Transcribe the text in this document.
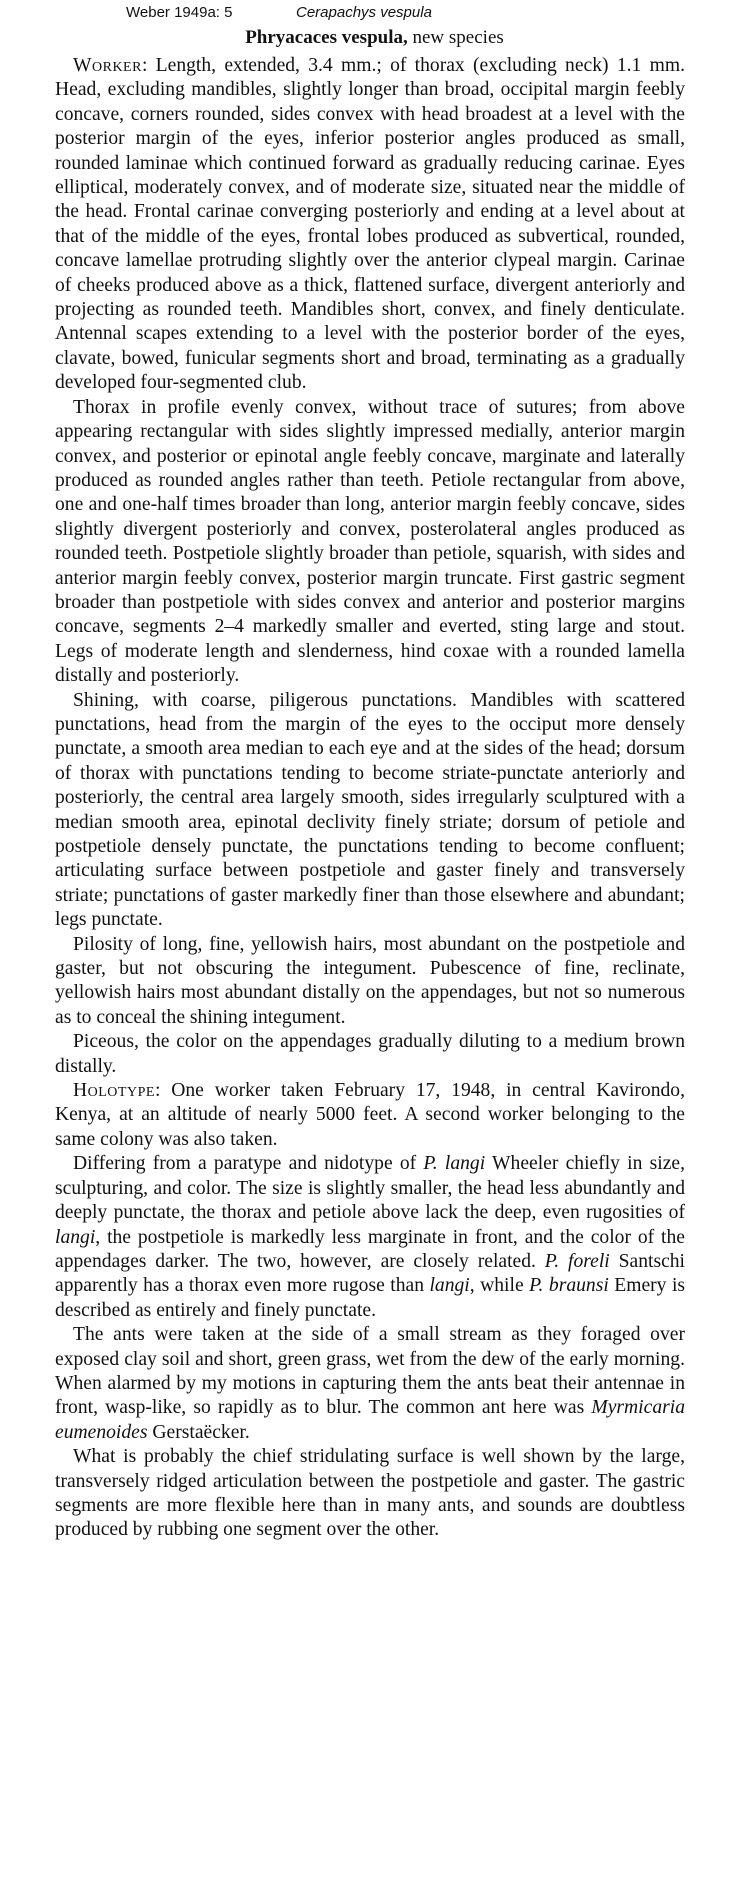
Weber 1949a: 5	Cerapachys vespula
Phryacaces vespula, new species

Worker: Length, extended, 3.4 mm.; of thorax (excluding neck) 1.1 mm. Head, excluding mandibles, slightly longer than broad, occipital margin feebly concave, corners rounded, sides convex with head broadest at a level with the posterior margin of the eyes, inferior posterior angles produced as small, rounded laminae which continued forward as gradually reducing carinae. Eyes elliptical, moderately convex, and of moderate size, situated near the middle of the head. Frontal carinae converging posteriorly and ending at a level about at that of the middle of the eyes, frontal lobes produced as subvertical, rounded, concave lamellae protruding slightly over the anterior clypeal margin. Carinae of cheeks produced above as a thick, flattened surface, divergent anteriorly and projecting as rounded teeth. Mandibles short, convex, and finely denticulate. Antennal scapes extending to a level with the posterior border of the eyes, clavate, bowed, funicular segments short and broad, terminating as a gradually developed four-segmented club.

Thorax in profile evenly convex, without trace of sutures; from above appearing rectangular with sides slightly impressed medially, anterior margin convex, and posterior or epinotal angle feebly concave, marginate and laterally produced as rounded angles rather than teeth. Petiole rectangular from above, one and one-half times broader than long, anterior margin feebly concave, sides slightly divergent posteriorly and convex, posterolateral angles produced as rounded teeth. Postpetiole slightly broader than petiole, squarish, with sides and anterior margin feebly convex, posterior margin truncate. First gastric segment broader than postpetiole with sides convex and anterior and posterior margins concave, segments 2–4 markedly smaller and everted, sting large and stout. Legs of moderate length and slenderness, hind coxae with a rounded lamella distally and posteriorly.

Shining, with coarse, piligerous punctations. Mandibles with scattered punctations, head from the margin of the eyes to the occiput more densely punctate, a smooth area median to each eye and at the sides of the head; dorsum of thorax with punctations tending to become striate-punctate anteriorly and posteriorly, the central area largely smooth, sides irregularly sculptured with a median smooth area, epinotal declivity finely striate; dorsum of petiole and postpetiole densely punctate, the punctations tending to become confluent; articulating surface between postpetiole and gaster finely and transversely striate; punctations of gaster markedly finer than those elsewhere and abundant; legs punctate.

Pilosity of long, fine, yellowish hairs, most abundant on the postpetiole and gaster, but not obscuring the integument. Pubescence of fine, reclinate, yellowish hairs most abundant distally on the appendages, but not so numerous as to conceal the shining integument.

Piceous, the color on the appendages gradually diluting to a medium brown distally.

Holotype: One worker taken February 17, 1948, in central Kavirondo, Kenya, at an altitude of nearly 5000 feet. A second worker belonging to the same colony was also taken.

Differing from a paratype and nidotype of P. langi Wheeler chiefly in size, sculpturing, and color. The size is slightly smaller, the head less abundantly and deeply punctate, the thorax and petiole above lack the deep, even rugosities of langi, the postpetiole is markedly less marginate in front, and the color of the appendages darker. The two, however, are closely related. P. foreli Santschi apparently has a thorax even more rugose than langi, while P. braunsi Emery is described as entirely and finely punctate.

The ants were taken at the side of a small stream as they foraged over exposed clay soil and short, green grass, wet from the dew of the early morning. When alarmed by my motions in capturing them the ants beat their antennae in front, wasp-like, so rapidly as to blur. The common ant here was Myrmicaria eumenoides Gerstaëcker.

What is probably the chief stridulating surface is well shown by the large, transversely ridged articulation between the postpetiole and gaster. The gastric segments are more flexible here than in many ants, and sounds are doubtless produced by rubbing one segment over the other.
